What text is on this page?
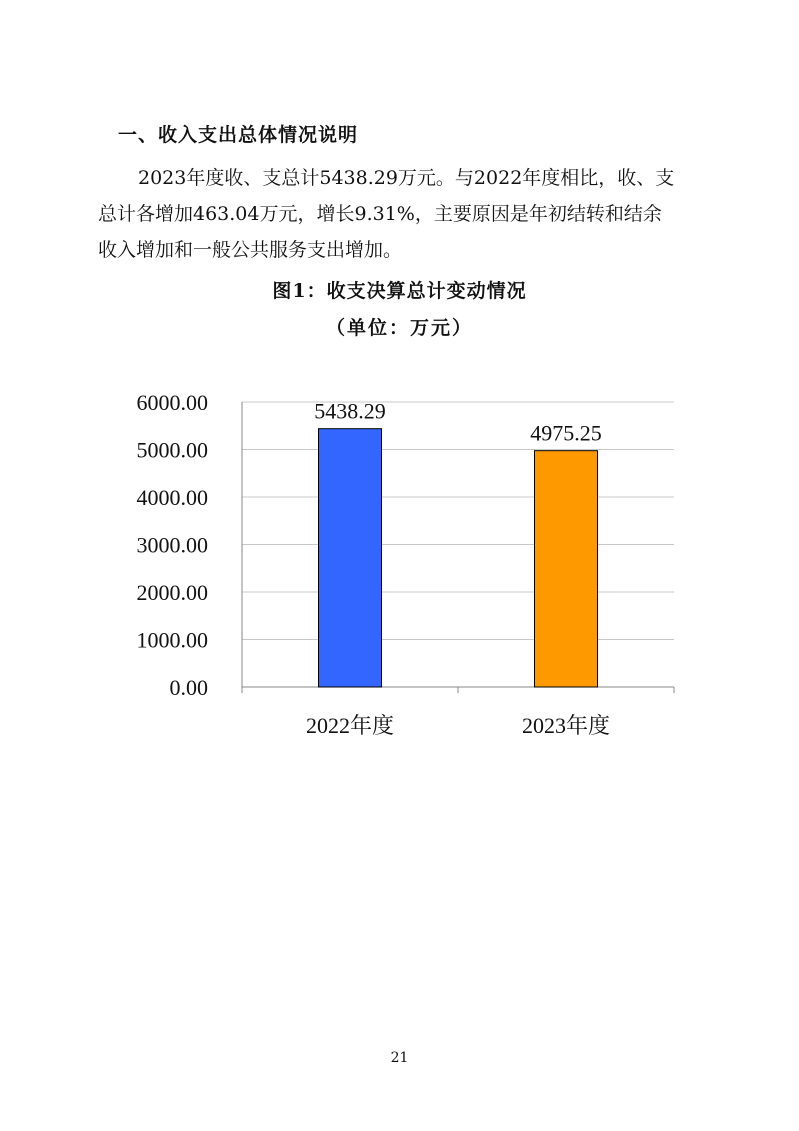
一、收入支出总体情况说明
2023年度收、支总计5438.29万元。与2022年度相比，收、支
总计各增加463.04万元，增长9.31%，主要原因是年初结转和结余
收入增加和一般公共服务支出增加。
图1：收支决算总计变动情况
（单位：万元）
0.00
1000.00
2000.00
3000.00
4000.00
5000.00
6000.00	5438.29
2022年度
4975.25
2023年度
21
